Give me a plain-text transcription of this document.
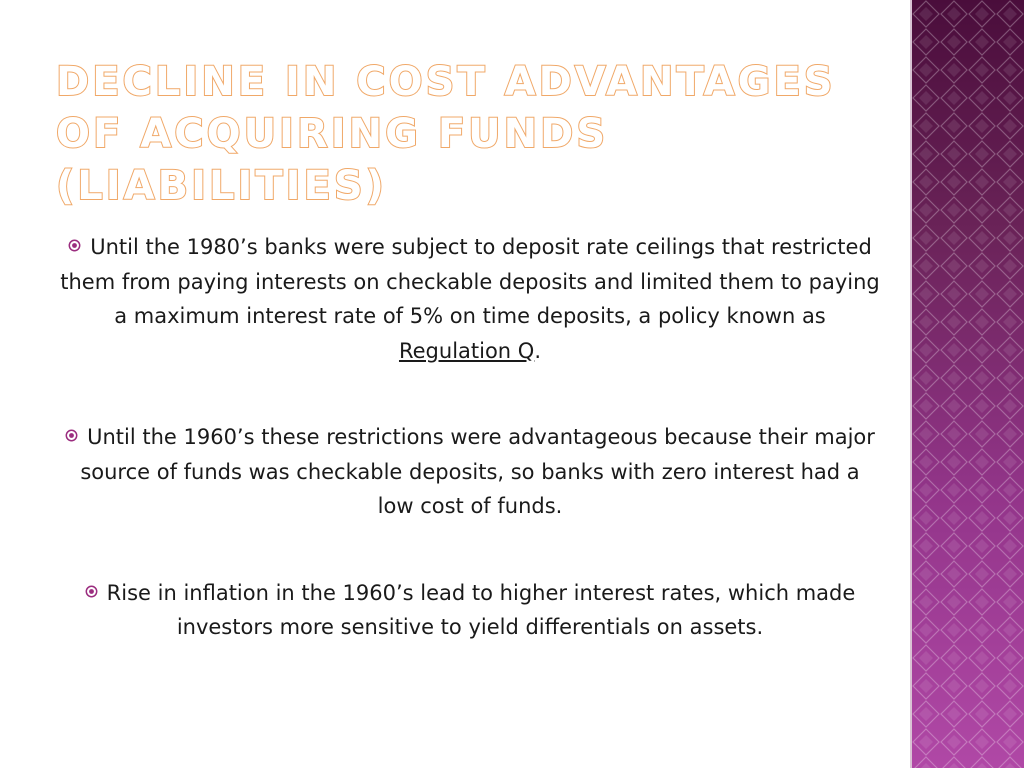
DECLINE IN COST ADVANTAGES OF ACQUIRING FUNDS (LIABILITIES)

Until the 1980’s banks were subject to deposit rate ceilings that restricted them from paying interests on checkable deposits and limited them to paying a maximum interest rate of 5% on time deposits, a policy known as Regulation Q.

Until the 1960’s these restrictions were advantageous because their major source of funds was checkable deposits, so banks with zero interest had a low cost of funds.

Rise in inflation in the 1960’s lead to higher interest rates, which made investors more sensitive to yield differentials on assets.
